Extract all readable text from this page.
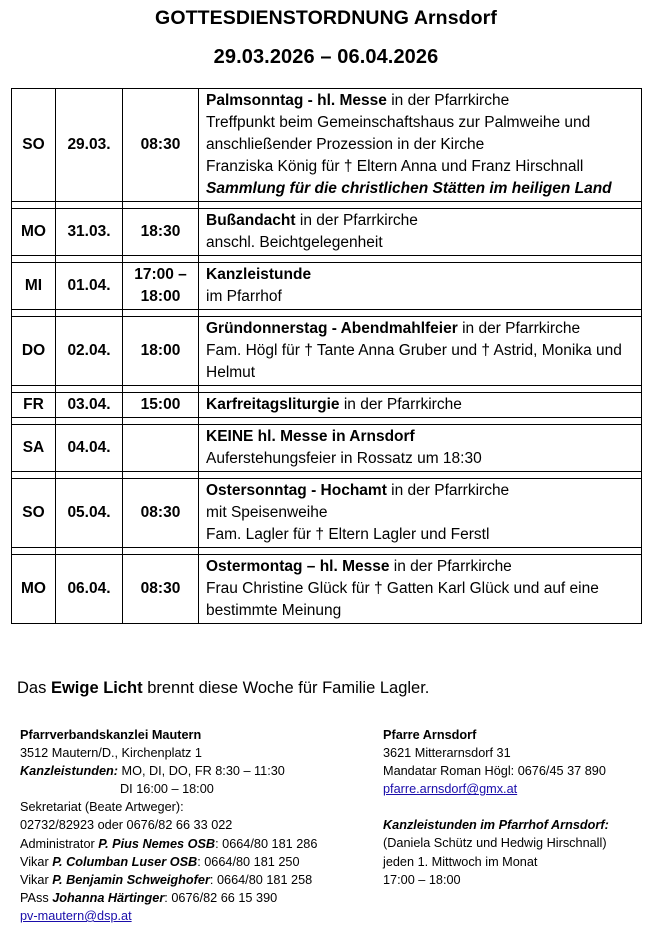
GOTTESDIENSTORDNUNG Arnsdorf
29.03.2026 – 06.04.2026
SO	29.03.	08:30	Palmsonntag - hl. Messe in der Pfarrkirche
Treffpunkt beim Gemeinschaftshaus zur Palmweihe und anschließender Prozession in der Kirche
Franziska König für † Eltern Anna und Franz Hirschnall
Sammlung für die christlichen Stätten im heiligen Land

MO	31.03.	18:30	Bußandacht in der Pfarrkirche
anschl. Beichtgelegenheit

MI	01.04.	17:00 – 18:00	Kanzleistunde
im Pfarrhof

DO	02.04.	18:00	Gründonnerstag - Abendmahlfeier in der Pfarrkirche
Fam. Högl für † Tante Anna Gruber und † Astrid, Monika und Helmut

FR	03.04.	15:00	Karfreitagsliturgie in der Pfarrkirche

SA	04.04.		KEINE hl. Messe in Arnsdorf
Auferstehungsfeier in Rossatz um 18:30

SO	05.04.	08:30	Ostersonntag - Hochamt in der Pfarrkirche
mit Speisenweihe
Fam. Lagler für † Eltern Lagler und Ferstl

MO	06.04.	08:30	Ostermontag – hl. Messe in der Pfarrkirche
Frau Christine Glück für † Gatten Karl Glück und auf eine bestimmte Meinung
Das Ewige Licht brennt diese Woche für Familie Lagler.
Pfarrverbandskanzlei Mautern
3512 Mautern/D., Kirchenplatz 1
Kanzleistunden: MO, DI, DO, FR 8:30 – 11:30
DI 16:00 – 18:00
Sekretariat (Beate Artweger):
02732/82923 oder 0676/82 66 33 022
Administrator P. Pius Nemes OSB: 0664/80 181 286
Vikar P. Columban Luser OSB: 0664/80 181 250
Vikar P. Benjamin Schweighofer: 0664/80 181 258
PAss Johanna Härtinger: 0676/82 66 15 390
pv-mautern@dsp.at
Pfarre Arnsdorf
3621 Mitterarnsdorf 31
Mandatar Roman Högl: 0676/45 37 890
pfarre.arnsdorf@gmx.at
Kanzleistunden im Pfarrhof Arnsdorf:
(Daniela Schütz und Hedwig Hirschnall)
jeden 1. Mittwoch im Monat
17:00 – 18:00
